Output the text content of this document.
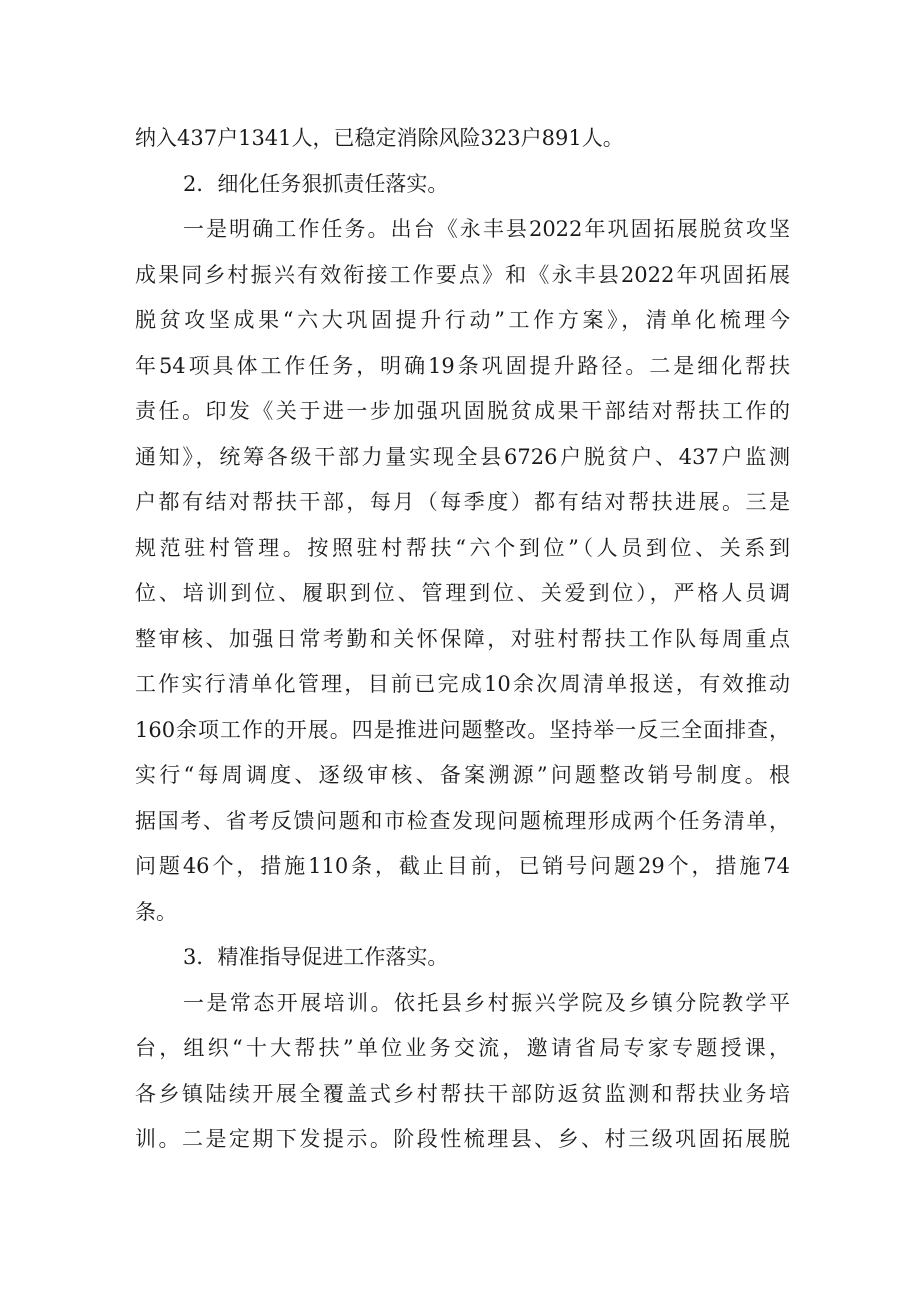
纳入437户1341人，已稳定消除风险323户891人。
2．细化任务狠抓责任落实。
一是明确工作任务。出台《永丰县2022年巩固拓展脱贫攻坚
成果同乡村振兴有效衔接工作要点》和《永丰县2022年巩固拓展
脱贫攻坚成果“六大巩固提升行动”工作方案》，清单化梳理今
年54项具体工作任务，明确19条巩固提升路径。二是细化帮扶
责任。印发《关于进一步加强巩固脱贫成果干部结对帮扶工作的
通知》，统筹各级干部力量实现全县6726户脱贫户、437户监测
户都有结对帮扶干部，每月（每季度）都有结对帮扶进展。三是
规范驻村管理。按照驻村帮扶“六个到位”（人员到位、关系到
位、培训到位、履职到位、管理到位、关爱到位），严格人员调
整审核、加强日常考勤和关怀保障，对驻村帮扶工作队每周重点
工作实行清单化管理，目前已完成10余次周清单报送，有效推动
160余项工作的开展。四是推进问题整改。坚持举一反三全面排查，
实行“每周调度、逐级审核、备案溯源”问题整改销号制度。根
据国考、省考反馈问题和市检查发现问题梳理形成两个任务清单，
问题46个，措施110条，截止目前，已销号问题29个，措施74
条。
3．精准指导促进工作落实。
一是常态开展培训。依托县乡村振兴学院及乡镇分院教学平
台，组织“十大帮扶”单位业务交流，邀请省局专家专题授课，
各乡镇陆续开展全覆盖式乡村帮扶干部防返贫监测和帮扶业务培
训。二是定期下发提示。阶段性梳理县、乡、村三级巩固拓展脱
